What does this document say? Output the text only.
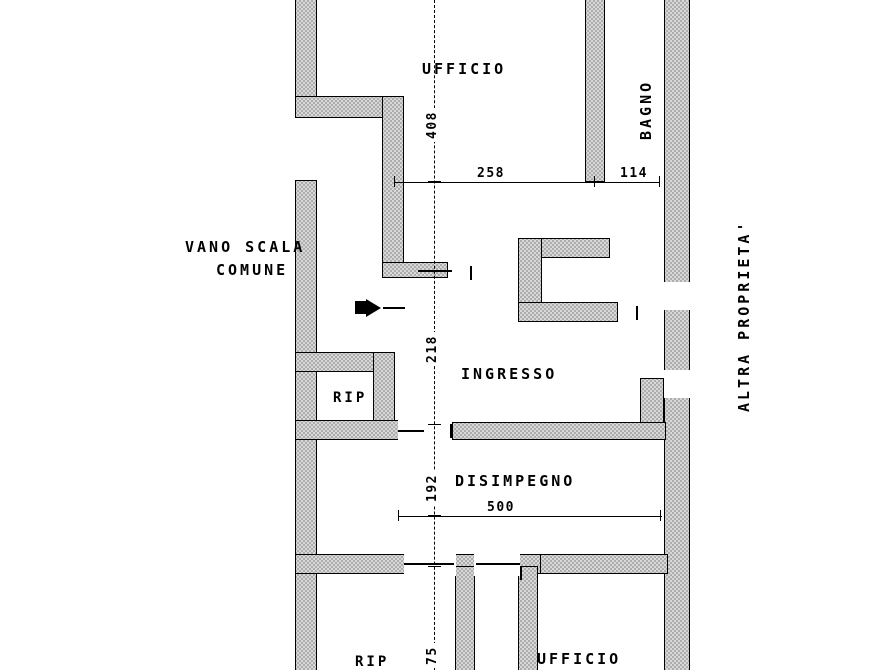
258	114
500
408
218
192
75
UFFICIO
BAGNO
INGRESSO
RIP
DISIMPEGNO
UFFICIO
RIP
VANO SCALA
COMUNE	ALTRA PROPRIETA'
